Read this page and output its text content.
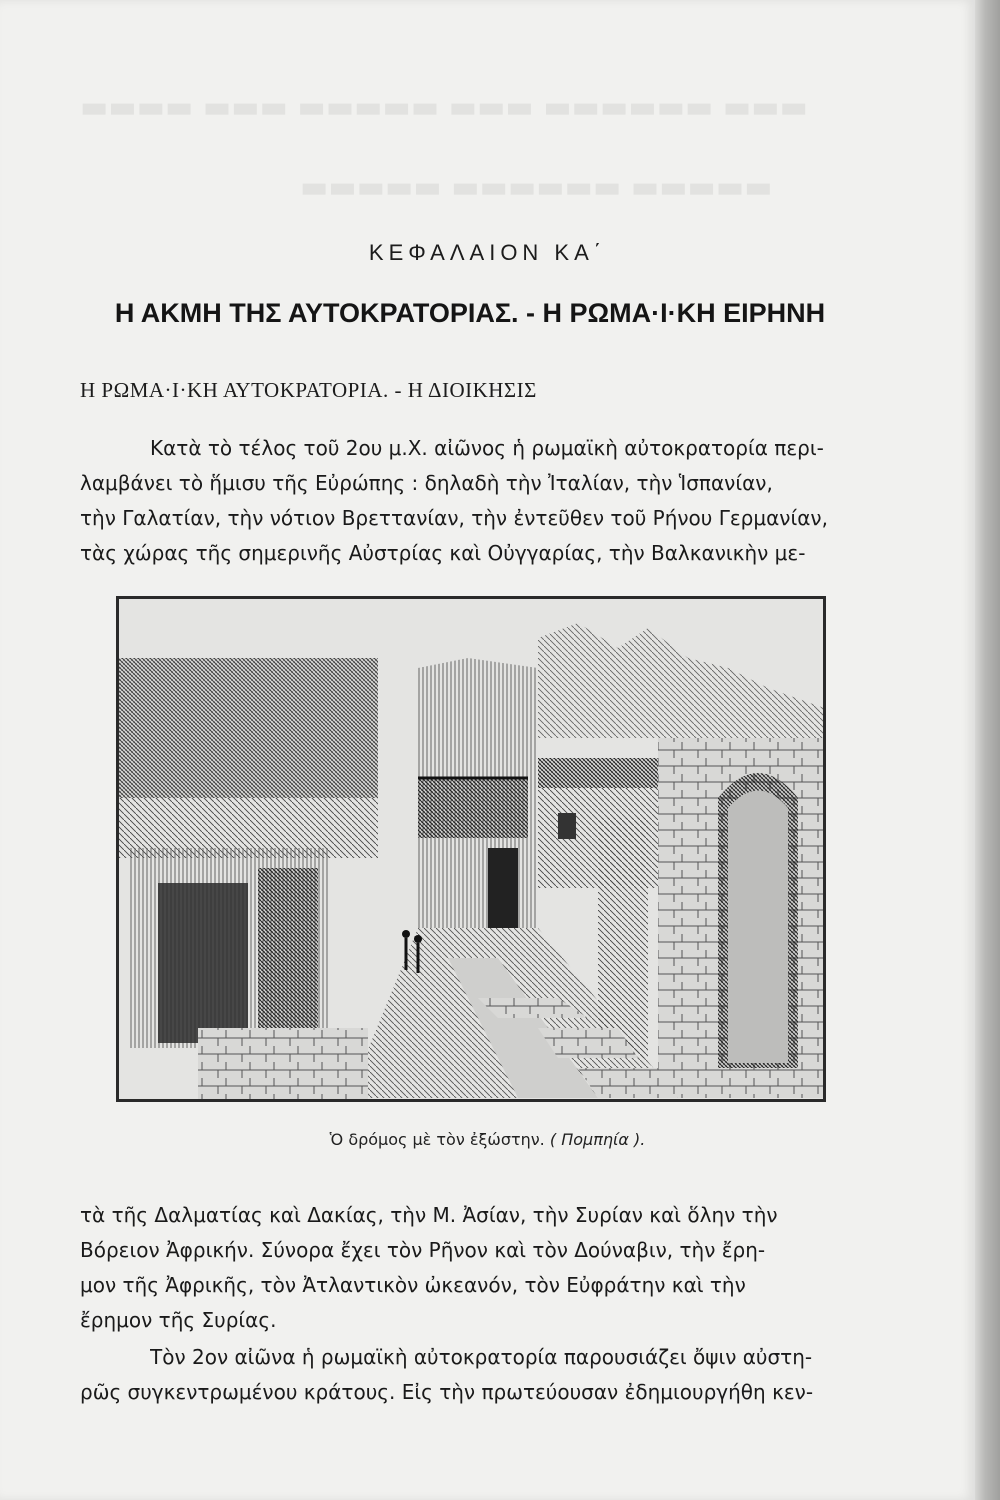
▬▬▬▬ ▬▬▬ ▬▬▬▬▬ ▬▬▬ ▬▬▬▬▬▬ ▬▬▬
▬▬▬▬▬ ▬▬▬▬▬▬ ▬▬▬▬▬
ΚΕΦΑΛΑΙΟΝ ΚΑ΄
Η ΑΚΜΗ ΤΗΣ ΑΥΤΟΚΡΑΤΟΡΙΑΣ. - Η ΡΩΜΑ·Ι·ΚΗ ΕΙΡΗΝΗ
Η ΡΩΜΑ·Ι·ΚΗ ΑΥΤΟΚΡΑΤΟΡΙΑ. - Η ΔΙΟΙΚΗΣΙΣ
Κατὰ τὸ τέλος τοῦ 2ου μ.Χ. αἰῶνος ἡ ρωμαϊκὴ αὐτοκρατορία περι-
λαμβάνει τὸ ἥμισυ τῆς Εὐρώπης : δηλαδὴ τὴν Ἰταλίαν, τὴν Ἱσπανίαν,
τὴν Γαλατίαν, τὴν νότιον Βρεττανίαν, τὴν ἐντεῦθεν τοῦ Ρήνου Γερμανίαν,
τὰς χώρας τῆς σημερινῆς Αὐστρίας καὶ Οὐγγαρίας, τὴν Βαλκανικὴν με-
Ὁ δρόμος μὲ τὸν ἐξώστην. ( Πομπηία ).
τὰ τῆς Δαλματίας καὶ Δακίας, τὴν Μ. Ἀσίαν, τὴν Συρίαν καὶ ὅλην τὴν
Βόρειον Ἀφρικήν. Σύνορα ἔχει τὸν Ρῆνον καὶ τὸν Δούναβιν, τὴν ἔρη-
μον τῆς Ἀφρικῆς, τὸν Ἀτλαντικὸν ὠκεανόν, τὸν Εὐφράτην καὶ τὴν
ἔρημον τῆς Συρίας.
Τὸν 2ον αἰῶνα ἡ ρωμαϊκὴ αὐτοκρατορία παρουσιάζει ὄψιν αὐστη-
ρῶς συγκεντρωμένου κράτους. Εἰς τὴν πρωτεύουσαν ἐδημιουργήθη κεν-
